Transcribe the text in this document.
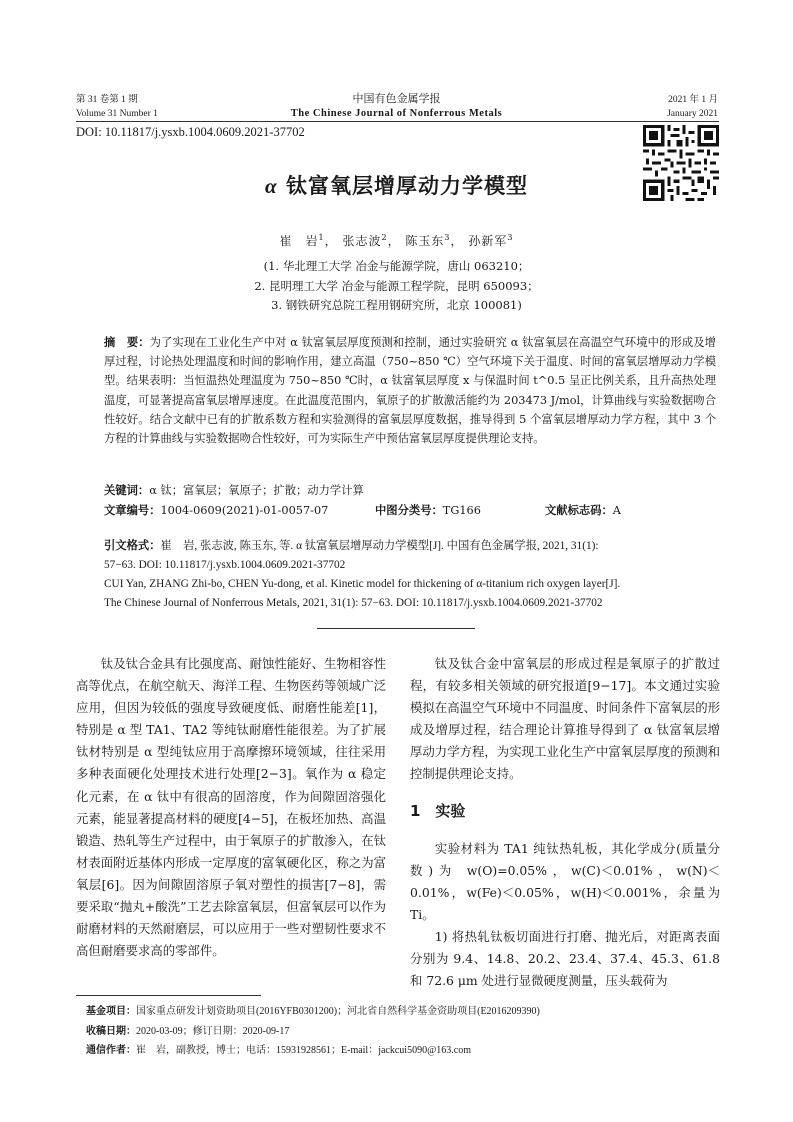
第 31 卷第 1 期
Volume 31 Number 1
中国有色金属学报
The Chinese Journal of Nonferrous Metals
2021 年 1 月
January 2021
DOI: 10.11817/j.ysxb.1004.0609.2021-37702
α 钛富氧层增厚动力学模型
崔　岩$^1$， 张志波$^2$， 陈玉东$^3$， 孙新军$^3$
(1. 华北理工大学 冶金与能源学院，唐山 063210；
2. 昆明理工大学 冶金与能源工程学院，昆明 650093；
3. 钢铁研究总院工程用钢研究所，北京 100081)
摘　要：为了实现在工业化生产中对 α 钛富氧层厚度预测和控制，通过实验研究 α 钛富氧层在高温空气环境中的形成及增厚过程，讨论热处理温度和时间的影响作用，建立高温（750~850 ℃）空气环境下关于温度、时间的富氧层增厚动力学模型。结果表明：当恒温热处理温度为 750~850 ℃时，α 钛富氧层厚度 x 与保温时间 t^0.5 呈正比例关系，且升高热处理温度，可显著提高富氧层增厚速度。在此温度范围内，氧原子的扩散激活能约为 203473 J/mol，计算曲线与实验数据吻合性较好。结合文献中已有的扩散系数方程和实验测得的富氧层厚度数据，推导得到 5 个富氧层增厚动力学方程，其中 3 个方程的计算曲线与实验数据吻合性较好，可为实际生产中预估富氧层厚度提供理论支持。
关键词：α 钛；富氧层；氧原子；扩散；动力学计算
文章编号：1004-0609(2021)-01-0057-07	中图分类号：TG166	文献标志码：A
引文格式：崔　岩, 张志波, 陈玉东, 等. α 钛富氧层增厚动力学模型[J]. 中国有色金属学报, 2021, 31(1):
57−63. DOI: 10.11817/j.ysxb.1004.0609.2021-37702
CUI Yan, ZHANG Zhi-bo, CHEN Yu-dong, et al. Kinetic model for thickening of α-titanium rich oxygen layer[J].
The Chinese Journal of Nonferrous Metals, 2021, 31(1): 57−63. DOI: 10.11817/j.ysxb.1004.0609.2021-37702

钛及钛合金具有比强度高、耐蚀性能好、生物相容性高等优点，在航空航天、海洋工程、生物医药等领域广泛应用，但因为较低的强度导致硬度低、耐磨性能差[1]，特别是 α 型 TA1、TA2 等纯钛耐磨性能很差。为了扩展钛材特别是 α 型纯钛应用于高摩擦环境领域，往往采用多种表面硬化处理技术进行处理[2−3]。氧作为 α 稳定化元素，在 α 钛中有很高的固溶度，作为间隙固溶强化元素，能显著提高材料的硬度[4−5]，在板坯加热、高温锻造、热轧等生产过程中，由于氧原子的扩散渗入，在钛材表面附近基体内形成一定厚度的富氧硬化区，称之为富氧层[6]。因为间隙固溶原子氧对塑性的损害[7−8]，需要采取“抛丸+酸洗”工艺去除富氧层，但富氧层可以作为耐磨材料的天然耐磨层，可以应用于一些对塑韧性要求不高但耐磨要求高的零部件。

钛及钛合金中富氧层的形成过程是氧原子的扩散过程，有较多相关领域的研究报道[9−17]。本文通过实验模拟在高温空气环境中不同温度、时间条件下富氧层的形成及增厚过程，结合理论计算推导得到了 α 钛富氧层增厚动力学方程，为实现工业化生产中富氧层厚度的预测和控制提供理论支持。

1　实验

实验材料为 TA1 纯钛热轧板，其化学成分(质量分数)为 w(O)=0.05%，w(C)＜0.01%，w(N)＜0.01%，w(Fe)＜0.05%，w(H)＜0.001%，余量为 Ti。

1) 将热轧钛板切面进行打磨、抛光后，对距离表面分别为 9.4、14.8、20.2、23.4、37.4、45.3、61.8 和 72.6 μm 处进行显微硬度测量，压头载荷为

基金项目：国家重点研发计划资助项目(2016YFB0301200)；河北省自然科学基金资助项目(E2016209390)
收稿日期：2020-03-09；修订日期：2020-09-17
通信作者：崔　岩，副教授，博士；电话：15931928561；E-mail：jackcui5090@163.com
